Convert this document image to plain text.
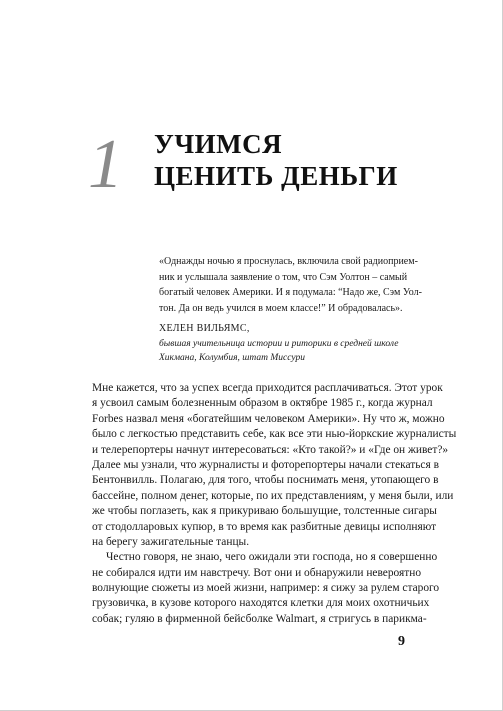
1	УЧИМСЯ
ЦЕНИТЬ ДЕНЬГИ

«Однажды ночью я проснулась, включила свой радиоприем-

ник и услышала заявление о том, что Сэм Уолтон – самый

богатый человек Америки. И я подумала: “Надо же, Сэм Уол-

тон. Да он ведь учился в моем классе!” И обрадовалась».

ХЕЛЕН ВИЛЬЯМС,
бывшая учительница истории и риторики в средней школе
Хикмана, Колумбия, штат Миссури
Мне кажется, что за успех всегда приходится расплачиваться. Этот урок
я усвоил самым болезненным образом в октябре 1985 г., когда журнал
Forbes назвал меня «богатейшим человеком Америки». Ну что ж, можно
было с легкостью представить себе, как все эти нью-йоркские журналисты
и телерепортеры начнут интересоваться: «Кто такой?» и «Где он живет?»
Далее мы узнали, что журналисты и фоторепортеры начали стекаться в
Бентонвилль. Полагаю, для того, чтобы поснимать меня, утопающего в
бассейне, полном денег, которые, по их представлениям, у меня были, или
же чтобы поглазеть, как я прикуриваю большущие, толстенные сигары
от стодолларовых купюр, в то время как разбитные девицы исполняют
на берегу зажигательные танцы.
Честно говоря, не знаю, чего ожидали эти господа, но я совершенно
не собирался идти им навстречу. Вот они и обнаружили невероятно
волнующие сюжеты из моей жизни, например: я сижу за рулем старого
грузовичка, в кузове которого находятся клетки для моих охотничьих
собак; гуляю в фирменной бейсболке Walmart, я стригусь в парикма-
9
